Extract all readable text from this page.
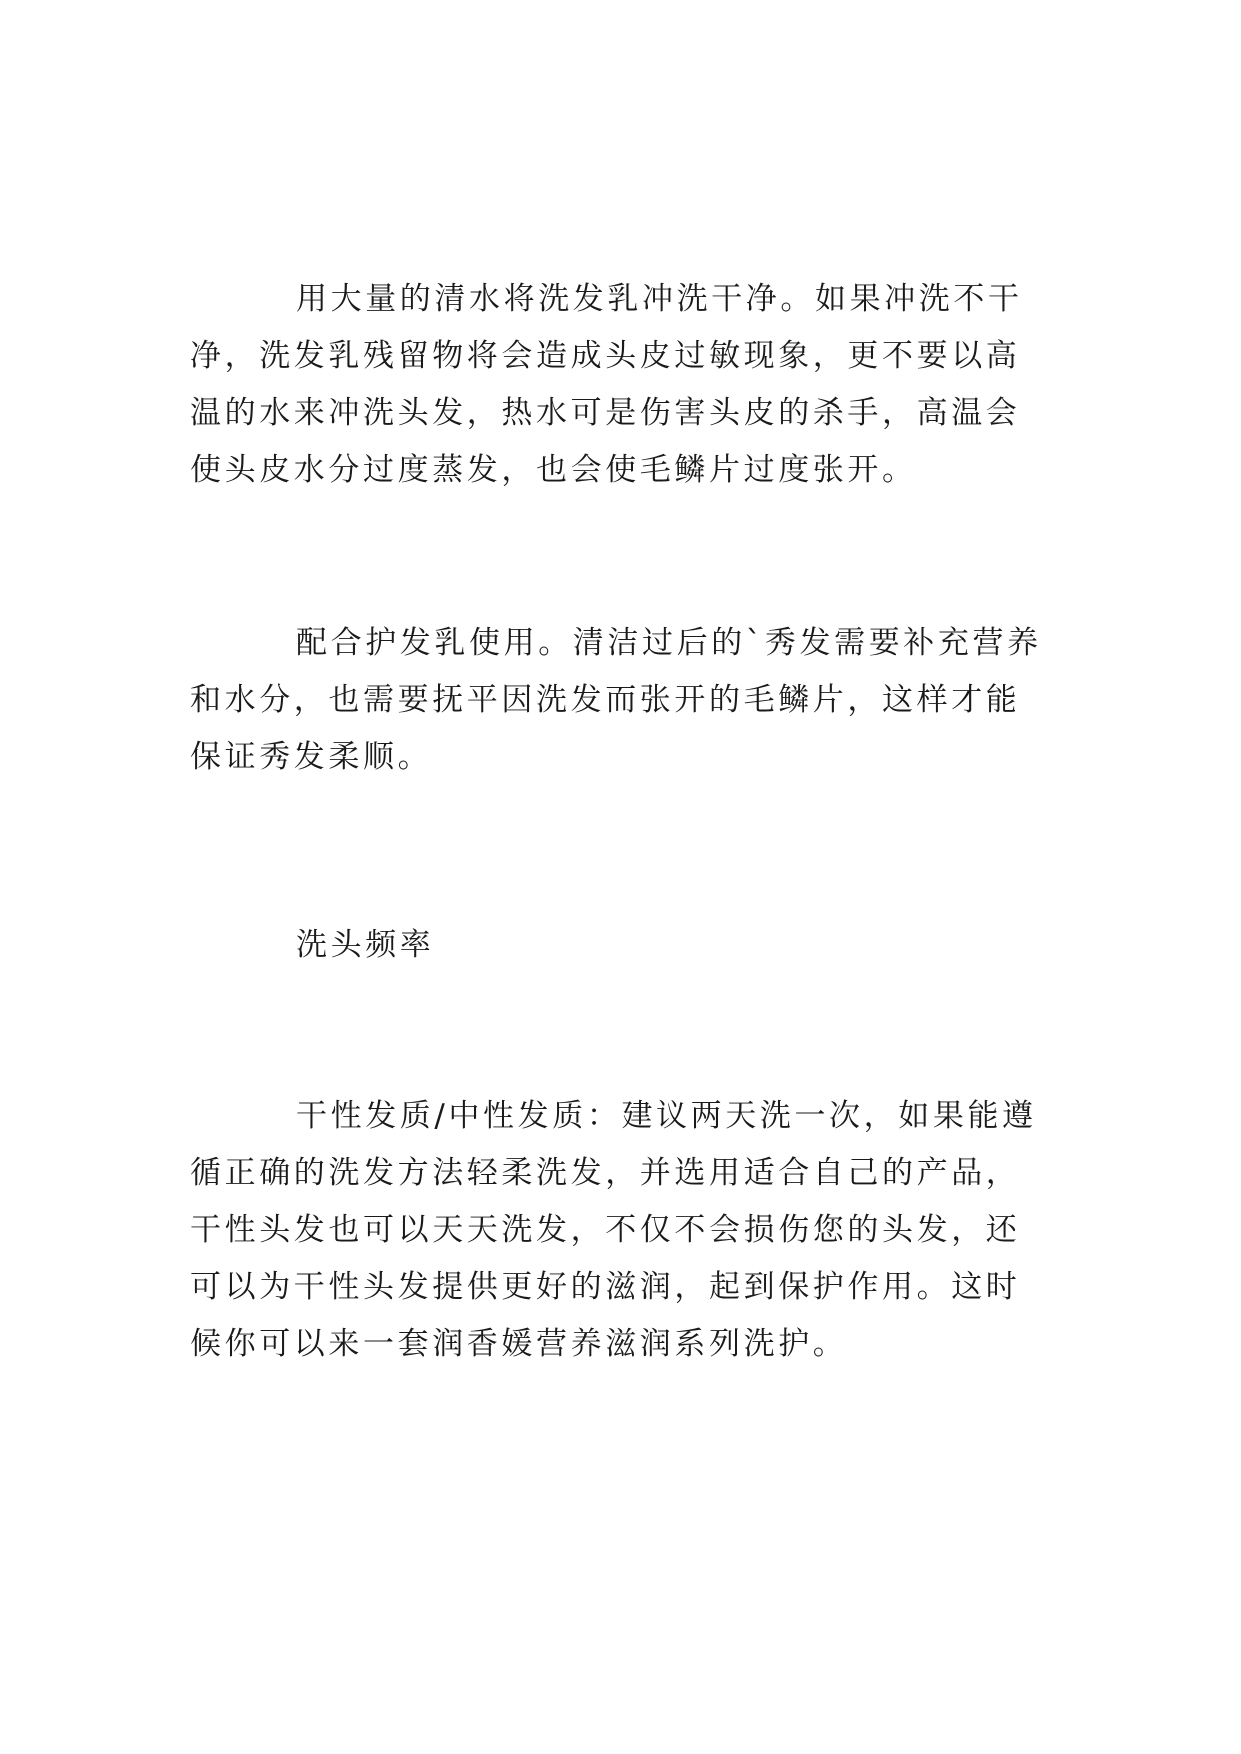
用大量的清水将洗发乳冲洗干净。如果冲洗不干净，洗发乳残留物将会造成头皮过敏现象，更不要以高温的水来冲洗头发，热水可是伤害头皮的杀手，高温会使头皮水分过度蒸发，也会使毛鳞片过度张开。

配合护发乳使用。清洁过后的`秀发需要补充营养和水分，也需要抚平因洗发而张开的毛鳞片，这样才能保证秀发柔顺。

洗头频率

干性发质/中性发质：建议两天洗一次，如果能遵循正确的洗发方法轻柔洗发，并选用适合自己的产品，干性头发也可以天天洗发，不仅不会损伤您的头发，还可以为干性头发提供更好的滋润，起到保护作用。这时候你可以来一套润香媛营养滋润系列洗护。
